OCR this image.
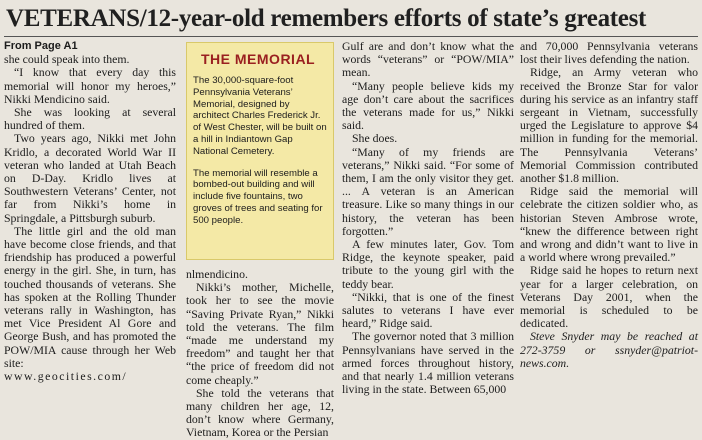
VETERANS/12-year-old remembers efforts of state’s greatest

From Page A1

she could speak into them.

“I know that every day this memorial will honor my heroes,” Nikki Mendicino said.

She was looking at several hundred of them.

Two years ago, Nikki met John Kridlo, a decorated World War II veteran who landed at Utah Beach on D-Day. Kridlo lives at Southwestern Veterans’ Center, not far from Nikki’s home in Springdale, a Pittsburgh suburb.

The little girl and the old man have become close friends, and that friendship has produced a powerful energy in the girl. She, in turn, has touched thousands of veterans. She has spoken at the Rolling Thunder veterans rally in Washington, has met Vice President Al Gore and George Bush, and has promoted the POW/MIA cause through her Web site:

www.geocities.com/

THE MEMORIAL

The 30,000-square-foot Pennsylvania Veterans’ Memorial, designed by architect Charles Frederick Jr. of West Chester, will be built on a hill in Indiantown Gap National Cemetery.

The memorial will resemble a bombed-out building and will include five fountains, two groves of trees and seating for 500 people.

nlmendicino.

Nikki’s mother, Michelle, took her to see the movie “Saving Private Ryan,” Nikki told the veterans. The film “made me understand my freedom” and taught her that “the price of freedom did not come cheaply.”

She told the veterans that many children her age, 12, don’t know where Germany, Vietnam, Korea or the Persian

Gulf are and don’t know what the words “veterans” or “POW/MIA” mean.

“Many people believe kids my age don’t care about the sacrifices the veterans made for us,” Nikki said.

She does.

“Many of my friends are veterans,” Nikki said. “For some of them, I am the only visitor they get. ... A veteran is an American treasure. Like so many things in our history, the veteran has been forgotten.”

A few minutes later, Gov. Tom Ridge, the keynote speaker, paid tribute to the young girl with the teddy bear.

“Nikki, that is one of the finest salutes to veterans I have ever heard,” Ridge said.

The governor noted that 3 million Pennsylvanians have served in the armed forces throughout history, and that nearly 1.4 million veterans living in the state. Between 65,000

and 70,000 Pennsylvania veterans lost their lives defending the nation.

Ridge, an Army veteran who received the Bronze Star for valor during his service as an infantry staff sergeant in Vietnam, successfully urged the Legislature to approve $4 million in funding for the memorial. The Pennsylvania Veterans’ Memorial Commission contributed another $1.8 million.

Ridge said the memorial will celebrate the citizen soldier who, as historian Steven Ambrose wrote, “knew the difference between right and wrong and didn’t want to live in a world where wrong prevailed.”

Ridge said he hopes to return next year for a larger celebration, on Veterans Day 2001, when the memorial is scheduled to be dedicated.

Steve Snyder may be reached at 272-3759 or ssnyder@patriot-news.com.
